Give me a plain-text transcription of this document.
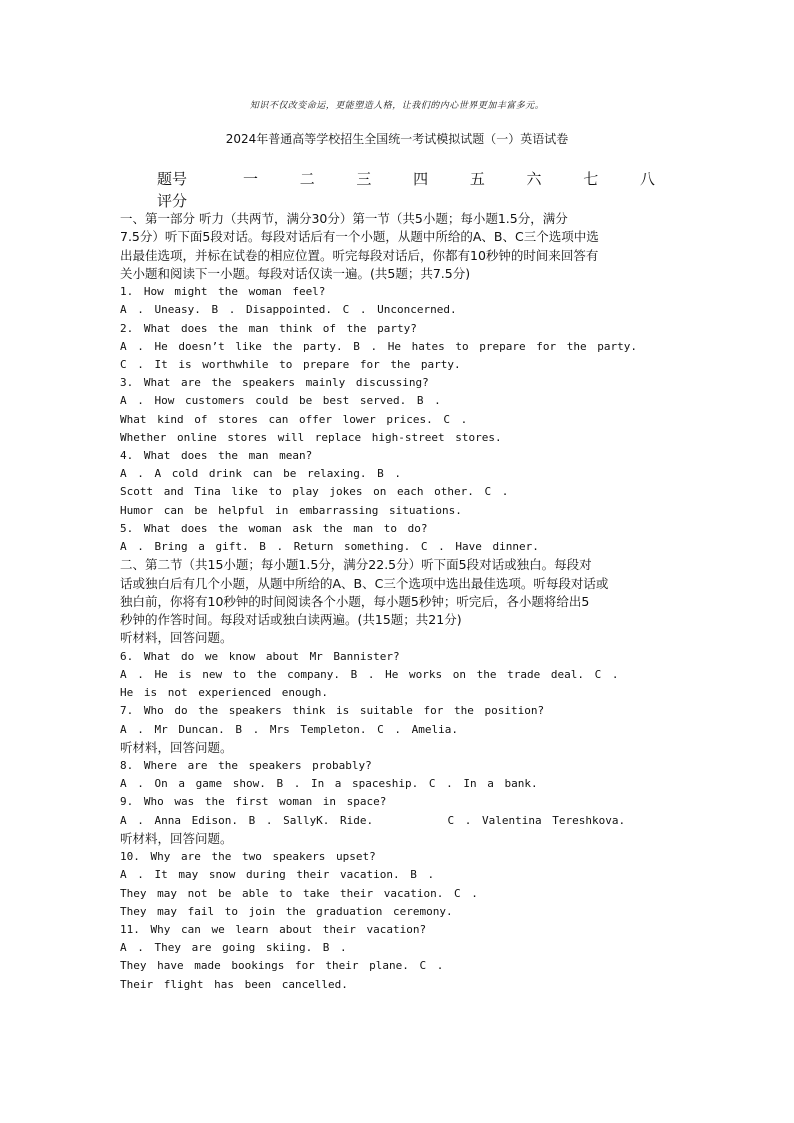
知识不仅改变命运，更能塑造人格，让我们的内心世界更加丰富多元。
2024年普通高等学校招生全国统一考试模拟试题（一）英语试卷
题号	一	二	三	四	五	六	七	八
评分

一、第一部分 听力（共两节，满分30分）第一节（共5小题；每小题1.5分，满分

7.5分）听下面5段对话。每段对话后有一个小题，从题中所给的A、B、C三个选项中选

出最佳选项，并标在试卷的相应位置。听完每段对话后，你都有10秒钟的时间来回答有

关小题和阅读下一小题。每段对话仅读一遍。(共5题；共7.5分)

1. How might the woman feel?

A . Uneasy. B . Disappointed. C . Unconcerned.

2. What does the man think of the party?

A . He doesn’t like the party. B . He hates to prepare for the party.

C . It is worthwhile to prepare for the party.

3. What are the speakers mainly discussing?

A . How customers could be best served. B .

What kind of stores can offer lower prices. C .

Whether online stores will replace high-street stores.

4. What does the man mean?

A . A cold drink can be relaxing. B .

Scott and Tina like to play jokes on each other. C .

Humor can be helpful in embarrassing situations.

5. What does the woman ask the man to do?

A . Bring a gift. B . Return something. C . Have dinner.

二、第二节（共15小题；每小题1.5分，满分22.5分）听下面5段对话或独白。每段对

话或独白后有几个小题，从题中所给的A、B、C三个选项中选出最佳选项。听每段对话或

独白前，你将有10秒钟的时间阅读各个小题，每小题5秒钟；听完后，各小题将给出5

秒钟的作答时间。每段对话或独白读两遍。(共15题；共21分)

听材料，回答问题。

6. What do we know about Mr Bannister?

A . He is new to the company. B . He works on the trade deal. C .

He is not experienced enough.

7. Who do the speakers think is suitable for the position?

A . Mr Duncan. B . Mrs Templeton. C . Amelia.

听材料，回答问题。

8. Where are the speakers probably?

A . On a game show. B . In a spaceship. C . In a bank.

9. Who was the first woman in space?

A . Anna Edison. B . SallyK. Ride.       C . Valentina Tereshkova.

听材料，回答问题。

10. Why are the two speakers upset?

A . It may snow during their vacation. B .

They may not be able to take their vacation. C .

They may fail to join the graduation ceremony.

11. Why can we learn about their vacation?

A . They are going skiing. B .

They have made bookings for their plane. C .

Their flight has been cancelled.
